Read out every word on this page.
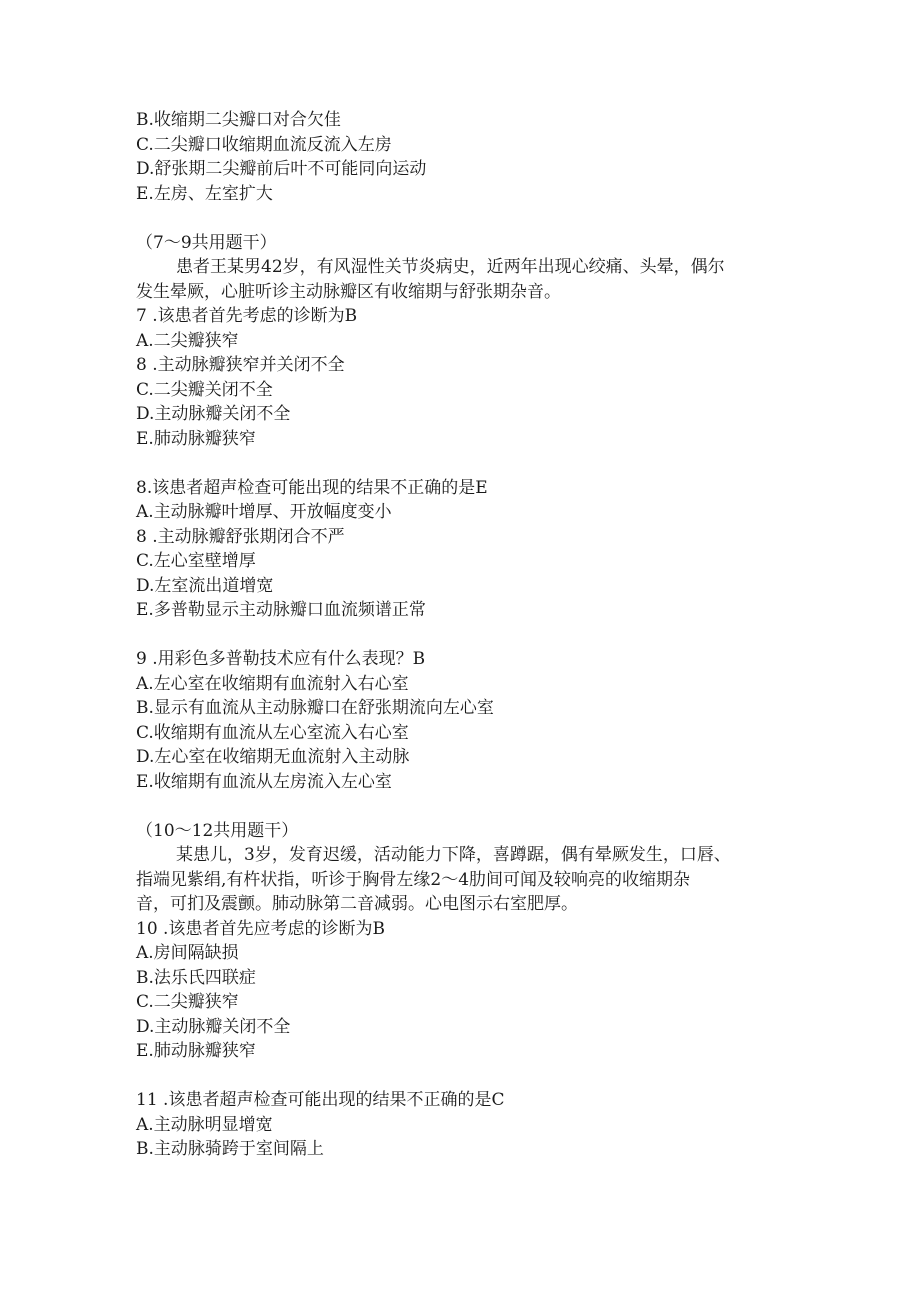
B.收缩期二尖瓣口对合欠佳
C.二尖瓣口收缩期血流反流入左房
D.舒张期二尖瓣前后叶不可能同向运动
E.左房、左室扩大
（7～9共用题干）
患者王某男42岁，有风湿性关节炎病史，近两年出现心绞痛、头晕，偶尔
发生晕厥，心脏听诊主动脉瓣区有收缩期与舒张期杂音。
7 .该患者首先考虑的诊断为B
A.二尖瓣狭窄
8 .主动脉瓣狭窄并关闭不全
C.二尖瓣关闭不全
D.主动脉瓣关闭不全
E.肺动脉瓣狭窄
8.该患者超声检查可能出现的结果不正确的是E
A.主动脉瓣叶增厚、开放幅度变小
8 .主动脉瓣舒张期闭合不严
C.左心室壁增厚
D.左室流出道增宽
E.多普勒显示主动脉瓣口血流频谱正常
9 .用彩色多普勒技术应有什么表现？B
A.左心室在收缩期有血流射入右心室
B.显示有血流从主动脉瓣口在舒张期流向左心室
C.收缩期有血流从左心室流入右心室
D.左心室在收缩期无血流射入主动脉
E.收缩期有血流从左房流入左心室
（10～12共用题干）
某患儿，3岁，发育迟缓，活动能力下降，喜蹲踞，偶有晕厥发生，口唇、
指端见紫绢,有杵状指，听诊于胸骨左缘2～4肋间可闻及较响亮的收缩期杂
音，可扪及震颤。肺动脉第二音减弱。心电图示右室肥厚。
10 .该患者首先应考虑的诊断为B
A.房间隔缺损
B.法乐氏四联症
C.二尖瓣狭窄
D.主动脉瓣关闭不全
E.肺动脉瓣狭窄
11 .该患者超声检查可能出现的结果不正确的是C
A.主动脉明显增宽
B.主动脉骑跨于室间隔上
